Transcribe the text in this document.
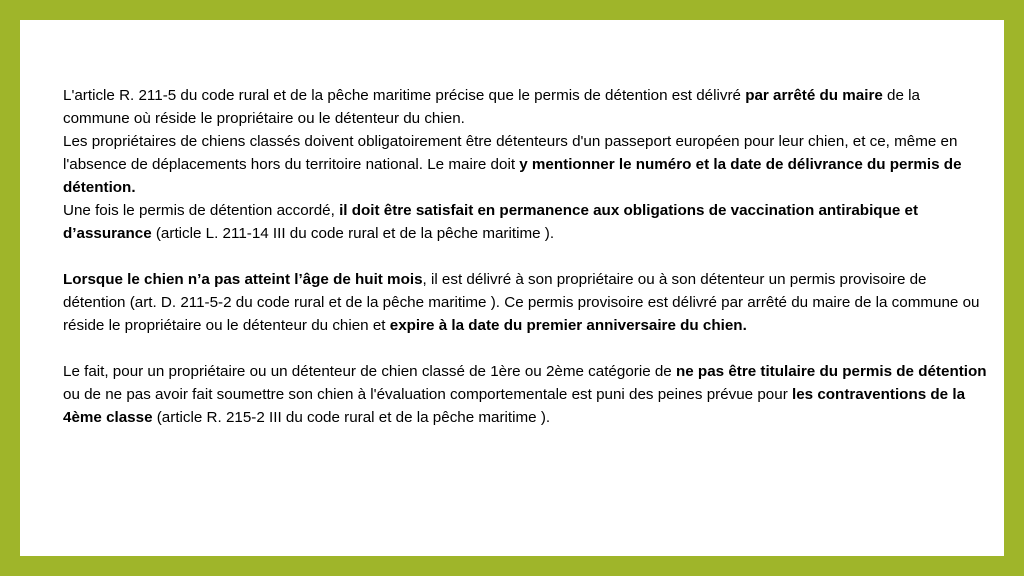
L'article R. 211-5 du code rural et de la pêche maritime précise que le permis de détention est délivré par arrêté du maire de la commune où réside le propriétaire ou le détenteur du chien.

Les propriétaires de chiens classés doivent obligatoirement être détenteurs d'un passeport européen pour leur chien, et ce, même en l'absence de déplacements hors du territoire national. Le maire doit y mentionner le numéro et la date de délivrance du permis de détention.

Une fois le permis de détention accordé, il doit être satisfait en permanence aux obligations de vaccination antirabique et d’assurance (article L. 211-14 III du code rural et de la pêche maritime ).

Lorsque le chien n’a pas atteint l’âge de huit mois, il est délivré à son propriétaire ou à son détenteur un permis provisoire de détention (art. D. 211-5-2 du code rural et de la pêche maritime ). Ce permis provisoire est délivré par arrêté du maire de la commune ou réside le propriétaire ou le détenteur du chien et expire à la date du premier anniversaire du chien.

Le fait, pour un propriétaire ou un détenteur de chien classé de 1ère ou 2ème catégorie de ne pas être titulaire du permis de détention ou de ne pas avoir fait soumettre son chien à l'évaluation comportementale est puni des peines prévue pour les contraventions de la 4ème classe (article R. 215-2 III du code rural et de la pêche maritime ).
